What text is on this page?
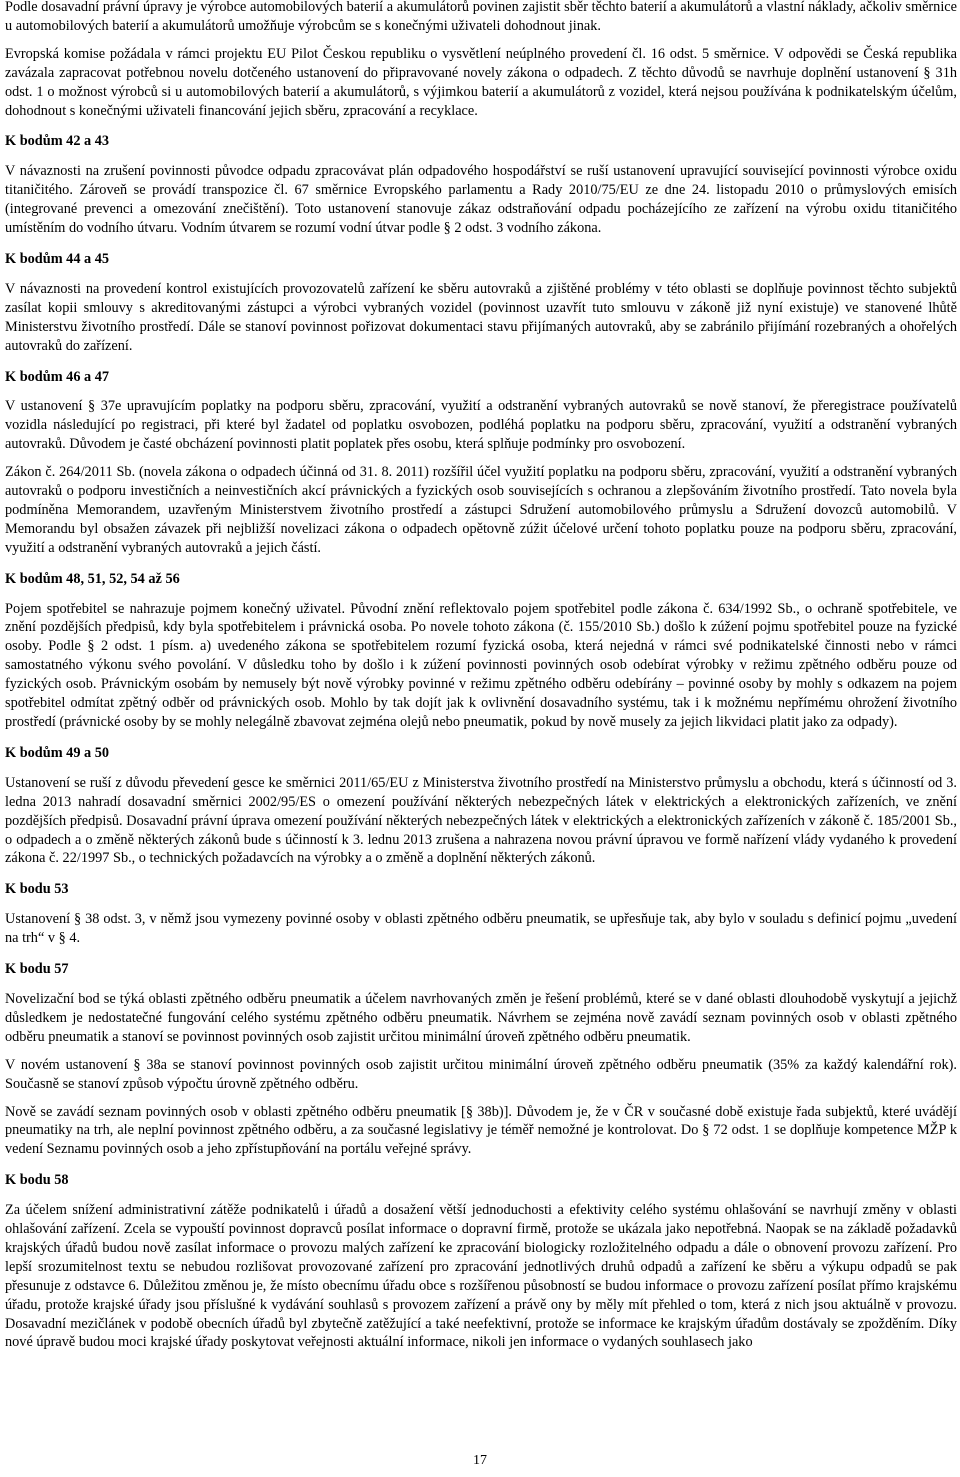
Podle dosavadní právní úpravy je výrobce automobilových baterií a akumulátorů povinen zajistit sběr těchto baterií a akumulátorů a vlastní náklady, ačkoliv směrnice u automobilových baterií a akumulátorů umožňuje výrobcům se s konečnými uživateli dohodnout jinak.

Evropská komise požádala v rámci projektu EU Pilot Českou republiku o vysvětlení neúplného provedení čl. 16 odst. 5 směrnice. V odpovědi se Česká republika zavázala zapracovat potřebnou novelu dotčeného ustanovení do připravované novely zákona o odpadech. Z těchto důvodů se navrhuje doplnění ustanovení § 31h odst. 1 o možnost výrobců si u automobilových baterií a akumulátorů, s výjimkou baterií a akumulátorů z vozidel, která nejsou používána k podnikatelským účelům, dohodnout s konečnými uživateli financování jejich sběru, zpracování a recyklace.

K bodům 42 a 43

V návaznosti na zrušení povinnosti původce odpadu zpracovávat plán odpadového hospodářství se ruší ustanovení upravující související povinnosti výrobce oxidu titaničitého. Zároveň se provádí transpozice čl. 67 směrnice Evropského parlamentu a Rady 2010/75/EU ze dne 24. listopadu 2010 o průmyslových emisích (integrované prevenci a omezování znečištění). Toto ustanovení stanovuje zákaz odstraňování odpadu pocházejícího ze zařízení na výrobu oxidu titaničitého umístěním do vodního útvaru. Vodním útvarem se rozumí vodní útvar podle § 2 odst. 3 vodního zákona.

K bodům 44 a 45

V návaznosti na provedení kontrol existujících provozovatelů zařízení ke sběru autovraků a zjištěné problémy v této oblasti se doplňuje povinnost těchto subjektů zasílat kopii smlouvy s akreditovanými zástupci a výrobci vybraných vozidel (povinnost uzavřít tuto smlouvu v zákoně již nyní existuje) ve stanovené lhůtě Ministerstvu životního prostředí. Dále se stanoví povinnost pořizovat dokumentaci stavu přijímaných autovraků, aby se zabránilo přijímání rozebraných a ohořelých autovraků do zařízení.

K bodům 46 a 47

V ustanovení § 37e upravujícím poplatky na podporu sběru, zpracování, využití a odstranění vybraných autovraků se nově stanoví, že přeregistrace používatelů vozidla následující po registraci, při které byl žadatel od poplatku osvobozen, podléhá poplatku na podporu sběru, zpracování, využití a odstranění vybraných autovraků. Důvodem je časté obcházení povinnosti platit poplatek přes osobu, která splňuje podmínky pro osvobození.

Zákon č. 264/2011 Sb. (novela zákona o odpadech účinná od 31. 8. 2011) rozšířil účel využití poplatku na podporu sběru, zpracování, využití a odstranění vybraných autovraků o podporu investičních a neinvestičních akcí právnických a fyzických osob souvisejících s ochranou a zlepšováním životního prostředí. Tato novela byla podmíněna Memorandem, uzavřeným Ministerstvem životního prostředí a zástupci Sdružení automobilového průmyslu a Sdružení dovozců automobilů. V Memorandu byl obsažen závazek při nejbližší novelizaci zákona o odpadech opětovně zúžit účelové určení tohoto poplatku pouze na podporu sběru, zpracování, využití a odstranění vybraných autovraků a jejich částí.

K bodům 48, 51, 52, 54 až 56

Pojem spotřebitel se nahrazuje pojmem konečný uživatel. Původní znění reflektovalo pojem spotřebitel podle zákona č. 634/1992 Sb., o ochraně spotřebitele, ve znění pozdějších předpisů, kdy byla spotřebitelem i právnická osoba. Po novele tohoto zákona (č. 155/2010 Sb.) došlo k zúžení pojmu spotřebitel pouze na fyzické osoby. Podle § 2 odst. 1 písm. a) uvedeného zákona se spotřebitelem rozumí fyzická osoba, která nejedná v rámci své podnikatelské činnosti nebo v rámci samostatného výkonu svého povolání. V důsledku toho by došlo i k zúžení povinnosti povinných osob odebírat výrobky v režimu zpětného odběru pouze od fyzických osob. Právnickým osobám by nemusely být nově výrobky povinné v režimu zpětného odběru odebírány – povinné osoby by mohly s odkazem na pojem spotřebitel odmítat zpětný odběr od právnických osob. Mohlo by tak dojít jak k ovlivnění dosavadního systému, tak i k možnému nepřímému ohrožení životního prostředí (právnické osoby by se mohly nelegálně zbavovat zejména olejů nebo pneumatik, pokud by nově musely za jejich likvidaci platit jako za odpady).

K bodům 49 a 50

Ustanovení se ruší z důvodu převedení gesce ke směrnici 2011/65/EU z Ministerstva životního prostředí na Ministerstvo průmyslu a obchodu, která s účinností od 3. ledna 2013 nahradí dosavadní směrnici 2002/95/ES o omezení používání některých nebezpečných látek v elektrických a elektronických zařízeních, ve znění pozdějších předpisů. Dosavadní právní úprava omezení používání některých nebezpečných látek v elektrických a elektronických zařízeních v zákoně č. 185/2001 Sb., o odpadech a o změně některých zákonů bude s účinností k 3. lednu 2013 zrušena a nahrazena novou právní úpravou ve formě nařízení vlády vydaného k provedení zákona č. 22/1997 Sb., o technických požadavcích na výrobky a o změně a doplnění některých zákonů.

K bodu 53

Ustanovení § 38 odst. 3, v němž jsou vymezeny povinné osoby v oblasti zpětného odběru pneumatik, se upřesňuje tak, aby bylo v souladu s definicí pojmu „uvedení na trh“ v § 4.

K bodu 57

Novelizační bod se týká oblasti zpětného odběru pneumatik a účelem navrhovaných změn je řešení problémů, které se v dané oblasti dlouhodobě vyskytují a jejichž důsledkem je nedostatečné fungování celého systému zpětného odběru pneumatik. Návrhem se zejména nově zavádí seznam povinných osob v oblasti zpětného odběru pneumatik a stanoví se povinnost povinných osob zajistit určitou minimální úroveň zpětného odběru pneumatik.

V novém ustanovení § 38a se stanoví povinnost povinných osob zajistit určitou minimální úroveň zpětného odběru pneumatik (35% za každý kalendářní rok). Současně se stanoví způsob výpočtu úrovně zpětného odběru.

Nově se zavádí seznam povinných osob v oblasti zpětného odběru pneumatik [§ 38b)]. Důvodem je, že v ČR v současné době existuje řada subjektů, které uvádějí pneumatiky na trh, ale neplní povinnost zpětného odběru, a za současné legislativy je téměř nemožné je kontrolovat. Do § 72 odst. 1 se doplňuje kompetence MŽP k vedení Seznamu povinných osob a jeho zpřístupňování na portálu veřejné správy.

K bodu 58

Za účelem snížení administrativní zátěže podnikatelů i úřadů a dosažení větší jednoduchosti a efektivity celého systému ohlašování se navrhují změny v oblasti ohlašování zařízení. Zcela se vypouští povinnost dopravců posílat informace o dopravní firmě, protože se ukázala jako nepotřebná. Naopak se na základě požadavků krajských úřadů budou nově zasílat informace o provozu malých zařízení ke zpracování biologicky rozložitelného odpadu a dále o obnovení provozu zařízení. Pro lepší srozumitelnost textu se nebudou rozlišovat provozované zařízení pro zpracování jednotlivých druhů odpadů a zařízení ke sběru a výkupu odpadů se pak přesunuje z odstavce 6. Důležitou změnou je, že místo obecnímu úřadu obce s rozšířenou působností se budou informace o provozu zařízení posílat přímo krajskému úřadu, protože krajské úřady jsou příslušné k vydávání souhlasů s provozem zařízení a právě ony by měly mít přehled o tom, která z nich jsou aktuálně v provozu. Dosavadní mezičlánek v podobě obecních úřadů byl zbytečně zatěžující a také neefektivní, protože se informace ke krajským úřadům dostávaly se zpožděním. Díky nové úpravě budou moci krajské úřady poskytovat veřejnosti aktuální informace, nikoli jen informace o vydaných souhlasech jako

17
